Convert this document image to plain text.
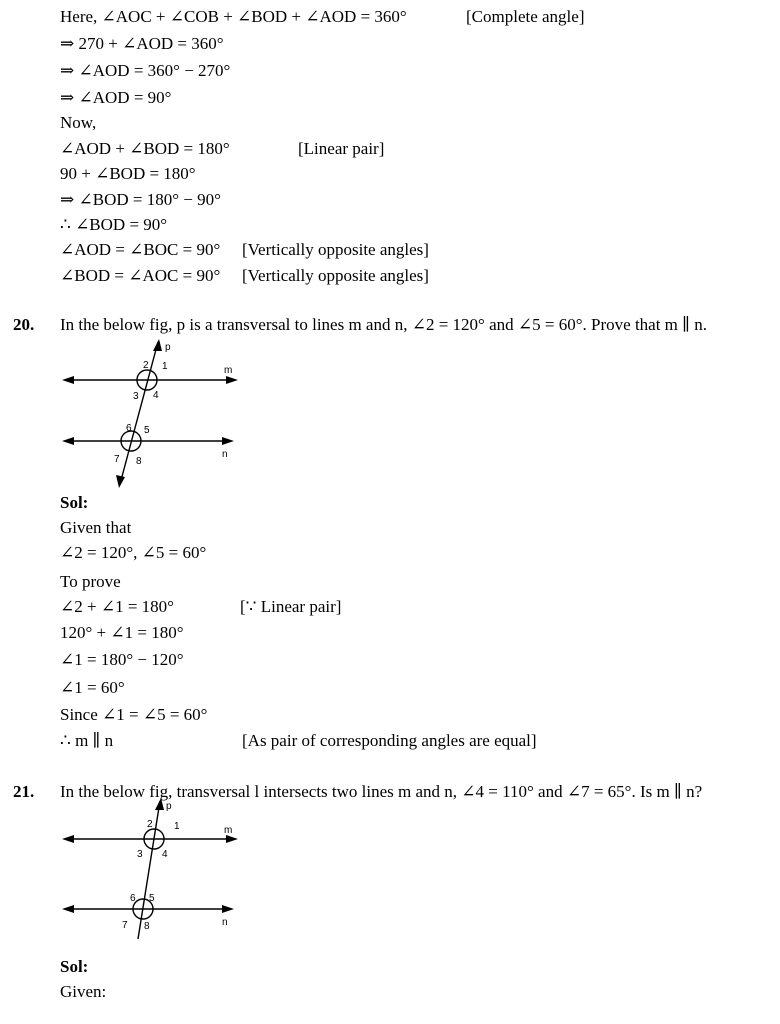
Here, ∠AOC + ∠COB + ∠BOD + ∠AOD = 360°	[Complete angle]
⇒ 270 + ∠AOD = 360°
⇒ ∠AOD = 360° − 270°
⇒ ∠AOD = 90°
Now,
∠AOD + ∠BOD = 180°	[Linear pair]
90 + ∠BOD = 180°
⇒ ∠BOD = 180° − 90°
∴ ∠BOD = 90°
∠AOD = ∠BOC = 90° [Vertically opposite angles]
∠BOD = ∠AOC = 90° [Vertically opposite angles]
20. In the below fig, p is a transversal to lines m and n, ∠2 = 120° and ∠5 = 60°. Prove that m ∥ n.
p
m
n
2 1
3 4
6 5
7 8
Sol:
Given that
∠2 = 120°, ∠5 = 60°
To prove
∠2 + ∠1 = 180°	[∵ Linear pair]
120° + ∠1 = 180°
∠1 = 180° − 120°
∠1 = 60°
Since ∠1 = ∠5 = 60°
∴ m ∥ n	[As pair of corresponding angles are equal]
21. In the below fig, transversal l intersects two lines m and n, ∠4 = 110° and ∠7 = 65°. Is m ∥ n?
p
m
n
2 1
3 4
6 5
7 8
Sol:
Given:
